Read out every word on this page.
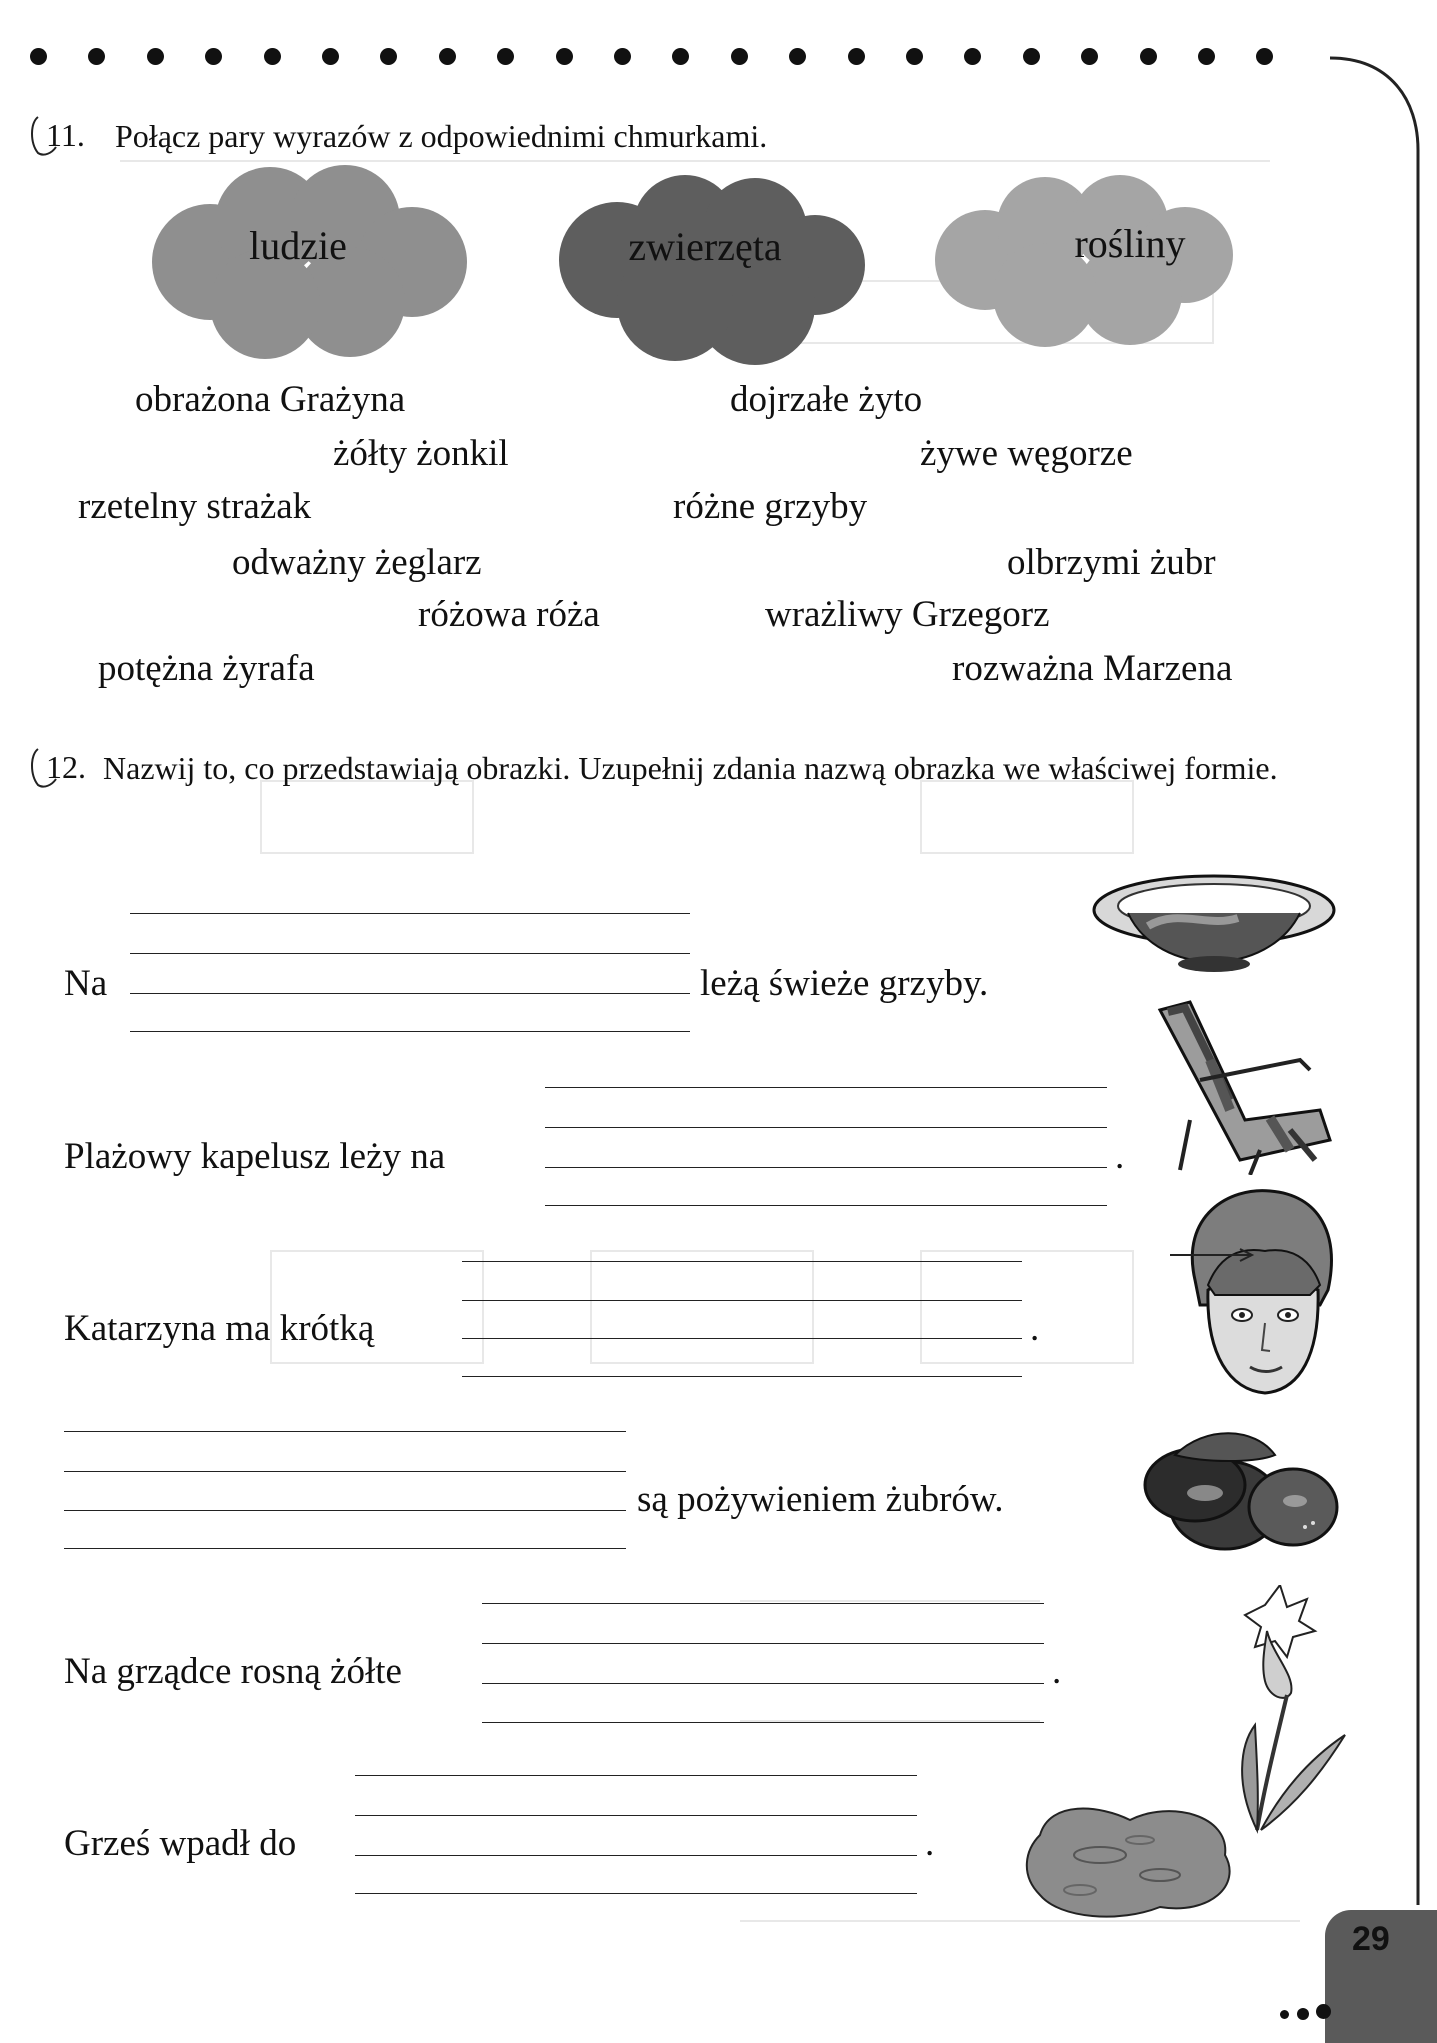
11. Połącz pary wyrazów z odpowiednimi chmurkami.
ludzie	zwierzęta	rośliny
obrażona Grażyna
żółty żonkil
rzetelny strażak
odważny żeglarz
różowa róża
potężna żyrafa
dojrzałe żyto
żywe węgorze
różne grzyby
olbrzymi żubr
wrażliwy Grzegorz
rozważna Marzena
12. Nazwij to, co przedstawiają obrazki. Uzupełnij zdania nazwą obrazka we właściwej formie.
Na	leżą świeże grzyby.
Plażowy kapelusz leży na	.
Katarzyna ma krótką	.
są pożywieniem żubrów.
Na grządce rosną żółte	.
Grześ wpadł do	.
29
